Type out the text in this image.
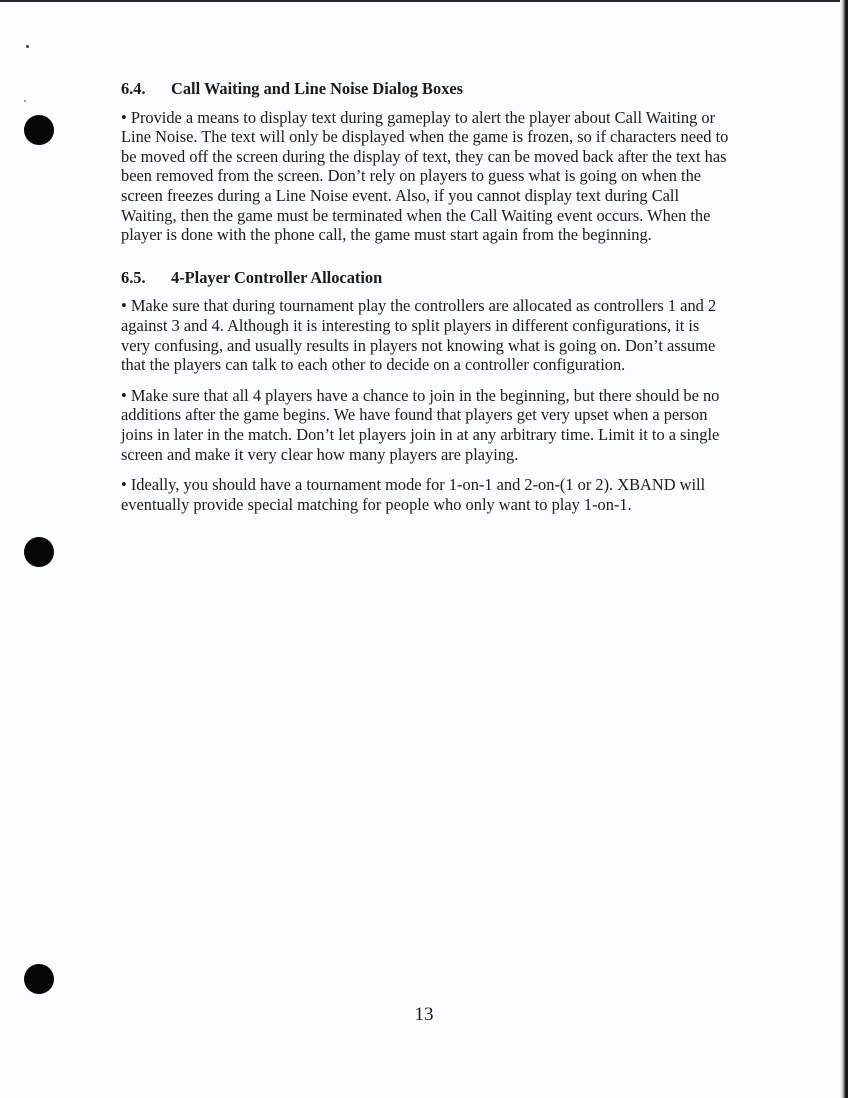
6.4. Call Waiting and Line Noise Dialog Boxes

• Provide a means to display text during gameplay to alert the player about Call Waiting or Line Noise. The text will only be displayed when the game is frozen, so if characters need to be moved off the screen during the display of text, they can be moved back after the text has been removed from the screen. Don’t rely on players to guess what is going on when the screen freezes during a Line Noise event. Also, if you cannot display text during Call Waiting, then the game must be terminated when the Call Waiting event occurs. When the player is done with the phone call, the game must start again from the beginning.

6.5. 4-Player Controller Allocation

• Make sure that during tournament play the controllers are allocated as controllers 1 and 2 against 3 and 4. Although it is interesting to split players in different configurations, it is very confusing, and usually results in players not knowing what is going on. Don’t assume that the players can talk to each other to decide on a controller configuration.

• Make sure that all 4 players have a chance to join in the beginning, but there should be no additions after the game begins. We have found that players get very upset when a person joins in later in the match. Don’t let players join in at any arbitrary time. Limit it to a single screen and make it very clear how many players are playing.

• Ideally, you should have a tournament mode for 1-on-1 and 2-on-(1 or 2). XBAND will eventually provide special matching for people who only want to play 1-on-1.

13
